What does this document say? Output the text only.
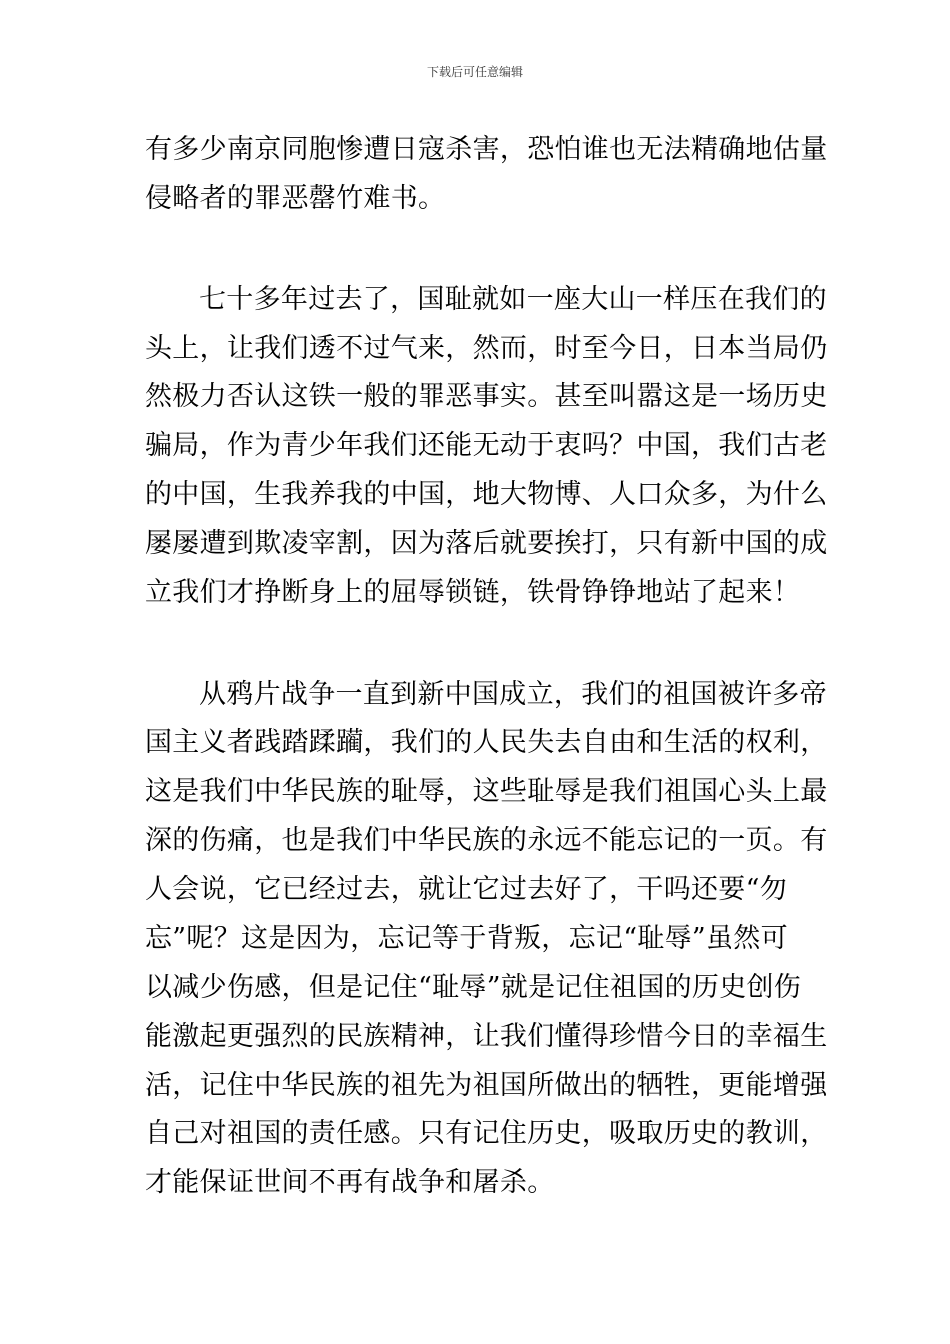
下载后可任意编辑
有多少南京同胞惨遭日寇杀害，恐怕谁也无法精确地估量
侵略者的罪恶罄竹难书。
七十多年过去了，国耻就如一座大山一样压在我们的
头上，让我们透不过气来，然而，时至今日，日本当局仍
然极力否认这铁一般的罪恶事实。甚至叫嚣这是一场历史
骗局，作为青少年我们还能无动于衷吗？中国，我们古老
的中国，生我养我的中国，地大物博、人口众多，为什么
屡屡遭到欺凌宰割，因为落后就要挨打，只有新中国的成
立我们才挣断身上的屈辱锁链，铁骨铮铮地站了起来！
从鸦片战争一直到新中国成立，我们的祖国被许多帝
国主义者践踏蹂躏，我们的人民失去自由和生活的权利，
这是我们中华民族的耻辱，这些耻辱是我们祖国心头上最
深的伤痛，也是我们中华民族的永远不能忘记的一页。有
人会说，它已经过去，就让它过去好了，干吗还要“勿
忘”呢？这是因为，忘记等于背叛，忘记“耻辱”虽然可
以减少伤感，但是记住“耻辱”就是记住祖国的历史创伤
能激起更强烈的民族精神，让我们懂得珍惜今日的幸福生
活，记住中华民族的祖先为祖国所做出的牺牲，更能增强
自己对祖国的责任感。只有记住历史，吸取历史的教训，
才能保证世间不再有战争和屠杀。
